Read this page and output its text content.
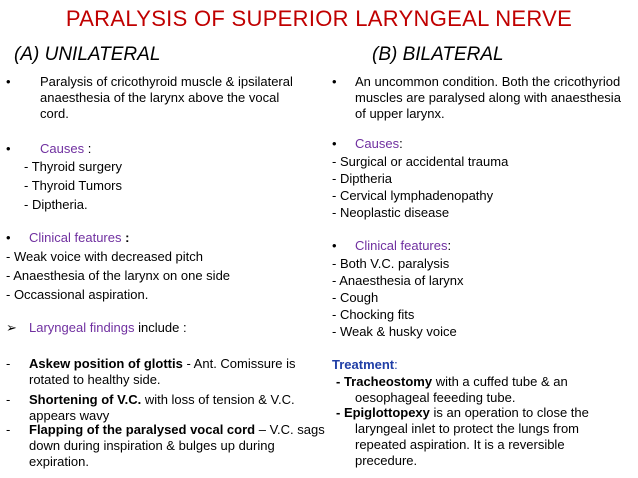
PARALYSIS OF SUPERIOR LARYNGEAL NERVE
(A) UNILATERAL
• Paralysis of cricothyroid muscle & ipsilateral
anaesthesia of the larynx above the vocal
cord.
• Causes :
- Thyroid surgery
- Thyroid Tumors
- Diptheria.
• Clinical features :
- Weak voice with decreased pitch
- Anaesthesia of the larynx on one side
- Occassional aspiration.
➢ Laryngeal findings include :
- Askew position of glottis - Ant. Comissure is
rotated to healthy side.
- Shortening of V.C. with loss of tension & V.C.
appears wavy
- Flapping of the paralysed vocal cord – V.C. sags
down during inspiration & bulges up during
expiration.
(B) BILATERAL
• An uncommon condition. Both the cricothyriod
muscles are paralysed along with anaesthesia
of upper larynx.
• Causes:
- Surgical or accidental trauma
- Diptheria
- Cervical lymphadenopathy
- Neoplastic disease
• Clinical features:
- Both V.C. paralysis
- Anaesthesia of larynx
- Cough
- Chocking fits
- Weak & husky voice
Treatment:
- Tracheostomy with a cuffed tube & an
oesophageal feeeding tube.
- Epiglottopexy is an operation to close the
laryngeal inlet to protect the lungs from
repeated aspiration. It is a reversible
precedure.
